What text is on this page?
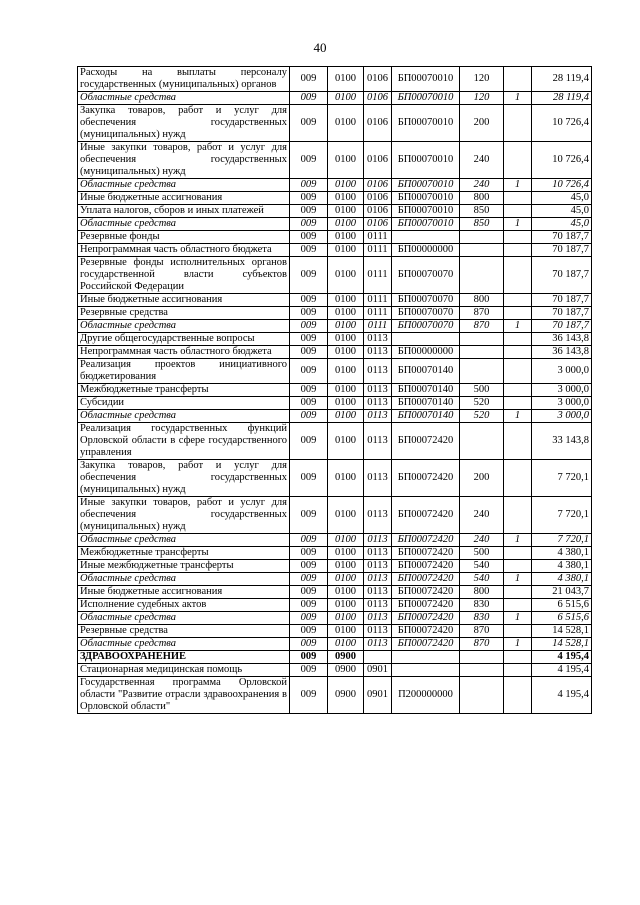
40
Расходы на выплаты персоналу государственных (муниципальных) органов	009	0100	0106	БП00070010	120		28 119,4
Областные средства	009	0100	0106	БП00070010	120	1	28 119,4
Закупка товаров, работ и услуг для обеспечения государственных (муниципальных) нужд	009	0100	0106	БП00070010	200		10 726,4
Иные закупки товаров, работ и услуг для обеспечения государственных (муниципальных) нужд	009	0100	0106	БП00070010	240		10 726,4
Областные средства	009	0100	0106	БП00070010	240	1	10 726,4
Иные бюджетные ассигнования	009	0100	0106	БП00070010	800		45,0
Уплата налогов, сборов и иных платежей	009	0100	0106	БП00070010	850		45,0
Областные средства	009	0100	0106	БП00070010	850	1	45,0
Резервные фонды	009	0100	0111				70 187,7
Непрограммная часть областного бюджета	009	0100	0111	БП00000000			70 187,7
Резервные фонды исполнительных органов государственной власти субъектов Российской Федерации	009	0100	0111	БП00070070			70 187,7
Иные бюджетные ассигнования	009	0100	0111	БП00070070	800		70 187,7
Резервные средства	009	0100	0111	БП00070070	870		70 187,7
Областные средства	009	0100	0111	БП00070070	870	1	70 187,7
Другие общегосударственные вопросы	009	0100	0113				36 143,8
Непрограммная часть областного бюджета	009	0100	0113	БП00000000			36 143,8
Реализация проектов инициативного бюджетирования	009	0100	0113	БП00070140			3 000,0
Межбюджетные трансферты	009	0100	0113	БП00070140	500		3 000,0
Субсидии	009	0100	0113	БП00070140	520		3 000,0
Областные средства	009	0100	0113	БП00070140	520	1	3 000,0
Реализация государственных функций Орловской области в сфере государственного управления	009	0100	0113	БП00072420			33 143,8
Закупка товаров, работ и услуг для обеспечения государственных (муниципальных) нужд	009	0100	0113	БП00072420	200		7 720,1
Иные закупки товаров, работ и услуг для обеспечения государственных (муниципальных) нужд	009	0100	0113	БП00072420	240		7 720,1
Областные средства	009	0100	0113	БП00072420	240	1	7 720,1
Межбюджетные трансферты	009	0100	0113	БП00072420	500		4 380,1
Иные межбюджетные трансферты	009	0100	0113	БП00072420	540		4 380,1
Областные средства	009	0100	0113	БП00072420	540	1	4 380,1
Иные бюджетные ассигнования	009	0100	0113	БП00072420	800		21 043,7
Исполнение судебных актов	009	0100	0113	БП00072420	830		6 515,6
Областные средства	009	0100	0113	БП00072420	830	1	6 515,6
Резервные средства	009	0100	0113	БП00072420	870		14 528,1
Областные средства	009	0100	0113	БП00072420	870	1	14 528,1
ЗДРАВООХРАНЕНИЕ	009	0900					4 195,4
Стационарная медицинская помощь	009	0900	0901				4 195,4
Государственная программа Орловской области "Развитие отрасли здравоохранения в Орловской области"	009	0900	0901	П200000000			4 195,4
